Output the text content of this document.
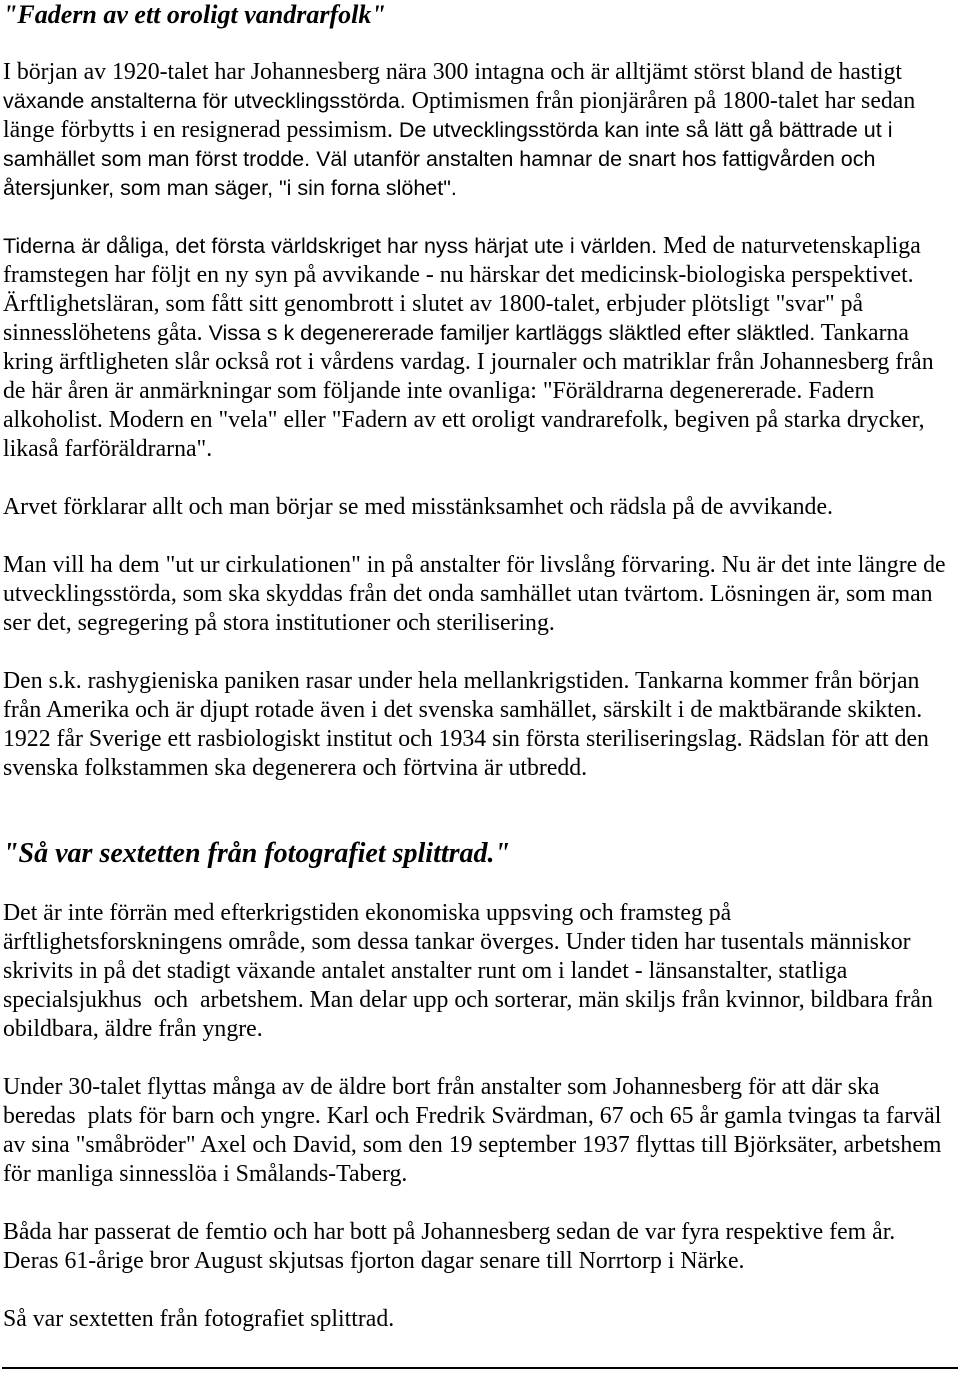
"Fadern av ett oroligt vandrarfolk"
I början av 1920-talet har Johannesberg nära 300 intagna och är alltjämt störst bland de hastigt
växande anstalterna för utvecklingsstörda. Optimismen från pionjäråren på 1800-talet har sedan
länge förbytts i en resignerad pessimism. De utvecklingsstörda kan inte så lätt gå bättrade ut i
samhället som man först trodde. Väl utanför anstalten hamnar de snart hos fattigvården och
återsjunker, som man säger, "i sin forna slöhet".
Tiderna är dåliga, det första världskriget har nyss härjat ute i världen. Med de naturvetenskapliga
framstegen har följt en ny syn på avvikande - nu härskar det medicinsk-biologiska perspektivet.
Ärftlighetsläran, som fått sitt genombrott i slutet av 1800-talet, erbjuder plötsligt "svar" på
sinnesslöhetens gåta. Vissa s k degenererade familjer kartläggs släktled efter släktled. Tankarna
kring ärftligheten slår också rot i vårdens vardag. I journaler och matriklar från Johannesberg från
de här åren är anmärkningar som följande inte ovanliga: "Föräldrarna degenererade. Fadern
alkoholist. Modern en "vela" eller "Fadern av ett oroligt vandrarefolk, begiven på starka drycker,
likaså farföräldrarna".
Arvet förklarar allt och man börjar se med misstänksamhet och rädsla på de avvikande.
Man vill ha dem "ut ur cirkulationen" in på anstalter för livslång förvaring. Nu är det inte längre de
utvecklingsstörda, som ska skyddas från det onda samhället utan tvärtom. Lösningen är, som man
ser det, segregering på stora institutioner och sterilisering.
Den s.k. rashygieniska paniken rasar under hela mellankrigstiden. Tankarna kommer från början
från Amerika och är djupt rotade även i det svenska samhället, särskilt i de maktbärande skikten.
1922 får Sverige ett rasbiologiskt institut och 1934 sin första steriliseringslag. Rädslan för att den
svenska folkstammen ska degenerera och förtvina är utbredd.
"Så var sextetten från fotografiet splittrad."
Det är inte förrän med efterkrigstiden ekonomiska uppsving och framsteg på
ärftlighetsforskningens område, som dessa tankar överges. Under tiden har tusentals människor
skrivits in på det stadigt växande antalet anstalter runt om i landet - länsanstalter, statliga
specialsjukhus  och  arbetshem. Man delar upp och sorterar, män skiljs från kvinnor, bildbara från
obildbara, äldre från yngre.
Under 30-talet flyttas många av de äldre bort från anstalter som Johannesberg för att där ska
beredas  plats för barn och yngre. Karl och Fredrik Svärdman, 67 och 65 år gamla tvingas ta farväl
av sina "småbröder" Axel och David, som den 19 september 1937 flyttas till Björksäter, arbetshem
för manliga sinnesslöa i Smålands-Taberg.
Båda har passerat de femtio och har bott på Johannesberg sedan de var fyra respektive fem år.
Deras 61-årige bror August skjutsas fjorton dagar senare till Norrtorp i Närke.
Så var sextetten från fotografiet splittrad.
